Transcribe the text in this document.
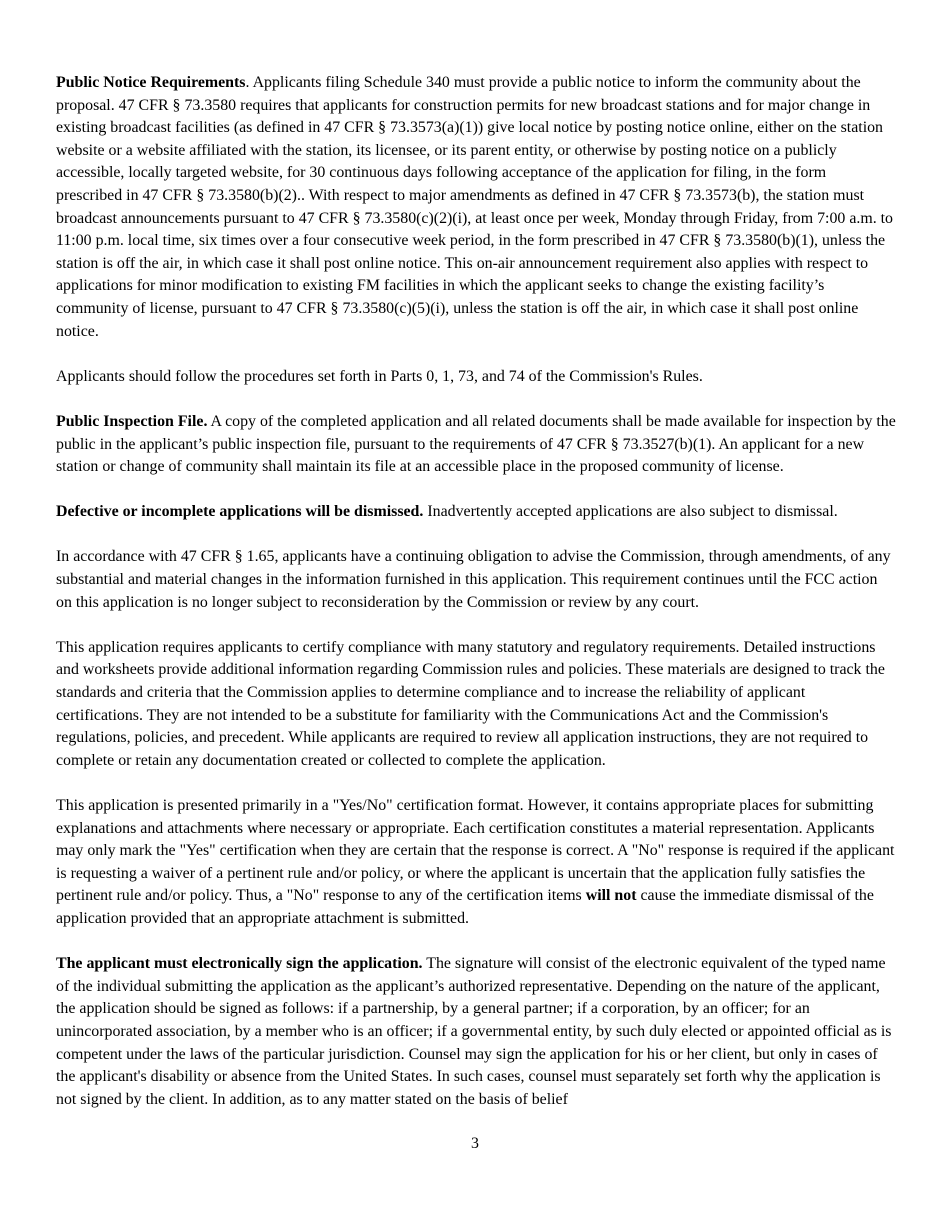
Public Notice Requirements. Applicants filing Schedule 340 must provide a public notice to inform the community about the proposal. 47 CFR § 73.3580 requires that applicants for construction permits for new broadcast stations and for major change in existing broadcast facilities (as defined in 47 CFR § 73.3573(a)(1)) give local notice by posting notice online, either on the station website or a website affiliated with the station, its licensee, or its parent entity, or otherwise by posting notice on a publicly accessible, locally targeted website, for 30 continuous days following acceptance of the application for filing, in the form prescribed in 47 CFR § 73.3580(b)(2).. With respect to major amendments as defined in 47 CFR § 73.3573(b), the station must broadcast announcements pursuant to 47 CFR § 73.3580(c)(2)(i), at least once per week, Monday through Friday, from 7:00 a.m. to 11:00 p.m. local time, six times over a four consecutive week period, in the form prescribed in 47 CFR § 73.3580(b)(1), unless the station is off the air, in which case it shall post online notice. This on-air announcement requirement also applies with respect to applications for minor modification to existing FM facilities in which the applicant seeks to change the existing facility’s community of license, pursuant to 47 CFR § 73.3580(c)(5)(i), unless the station is off the air, in which case it shall post online notice.

Applicants should follow the procedures set forth in Parts 0, 1, 73, and 74 of the Commission's Rules.

Public Inspection File. A copy of the completed application and all related documents shall be made available for inspection by the public in the applicant’s public inspection file, pursuant to the requirements of 47 CFR § 73.3527(b)(1). An applicant for a new station or change of community shall maintain its file at an accessible place in the proposed community of license.

Defective or incomplete applications will be dismissed. Inadvertently accepted applications are also subject to dismissal.

In accordance with 47 CFR § 1.65, applicants have a continuing obligation to advise the Commission, through amendments, of any substantial and material changes in the information furnished in this application. This requirement continues until the FCC action on this application is no longer subject to reconsideration by the Commission or review by any court.

This application requires applicants to certify compliance with many statutory and regulatory requirements. Detailed instructions and worksheets provide additional information regarding Commission rules and policies. These materials are designed to track the standards and criteria that the Commission applies to determine compliance and to increase the reliability of applicant certifications. They are not intended to be a substitute for familiarity with the Communications Act and the Commission's regulations, policies, and precedent. While applicants are required to review all application instructions, they are not required to complete or retain any documentation created or collected to complete the application.

This application is presented primarily in a "Yes/No" certification format. However, it contains appropriate places for submitting explanations and attachments where necessary or appropriate. Each certification constitutes a material representation. Applicants may only mark the "Yes" certification when they are certain that the response is correct. A "No" response is required if the applicant is requesting a waiver of a pertinent rule and/or policy, or where the applicant is uncertain that the application fully satisfies the pertinent rule and/or policy. Thus, a "No" response to any of the certification items will not cause the immediate dismissal of the application provided that an appropriate attachment is submitted.

The applicant must electronically sign the application. The signature will consist of the electronic equivalent of the typed name of the individual submitting the application as the applicant’s authorized representative. Depending on the nature of the applicant, the application should be signed as follows: if a partnership, by a general partner; if a corporation, by an officer; for an unincorporated association, by a member who is an officer; if a governmental entity, by such duly elected or appointed official as is competent under the laws of the particular jurisdiction. Counsel may sign the application for his or her client, but only in cases of the applicant's disability or absence from the United States. In such cases, counsel must separately set forth why the application is not signed by the client. In addition, as to any matter stated on the basis of belief

3
